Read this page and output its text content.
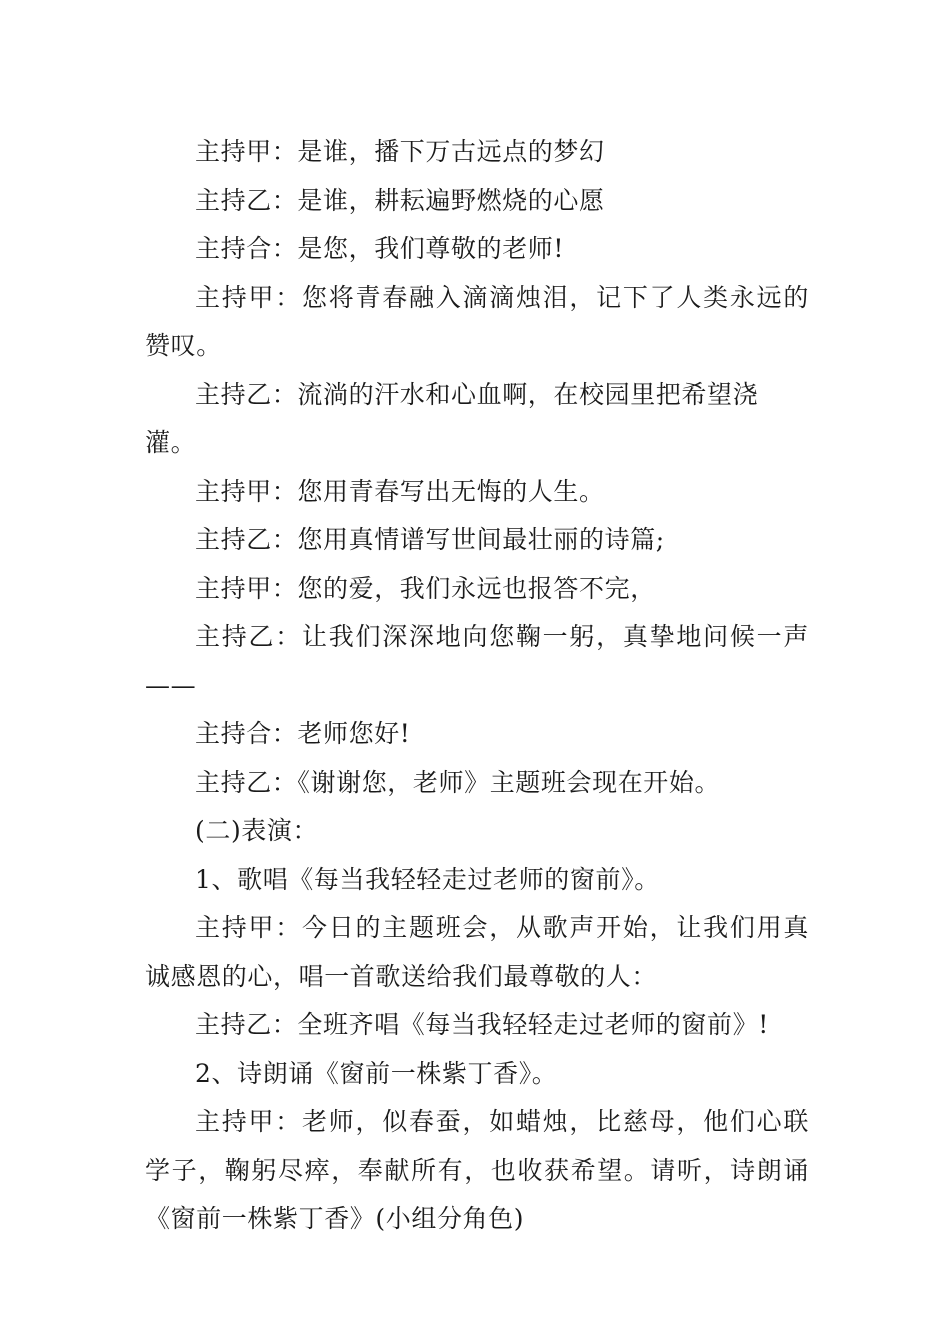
主持甲：是谁，播下万古远点的梦幻

主持乙：是谁，耕耘遍野燃烧的心愿

主持合：是您，我们尊敬的老师!

主持甲：您将青春融入滴滴烛泪，记下了人类永远的赞叹。

主持乙：流淌的汗水和心血啊，在校园里把希望浇灌。

主持甲：您用青春写出无悔的人生。

主持乙：您用真情谱写世间最壮丽的诗篇;

主持甲：您的爱，我们永远也报答不完，

主持乙：让我们深深地向您鞠一躬，真挚地问候一声——

主持合：老师您好!

主持乙：《谢谢您，老师》主题班会现在开始。

(二)表演：

1、歌唱《每当我轻轻走过老师的窗前》。

主持甲：今日的主题班会，从歌声开始，让我们用真诚感恩的心，唱一首歌送给我们最尊敬的人：

主持乙：全班齐唱《每当我轻轻走过老师的窗前》!

2、诗朗诵《窗前一株紫丁香》。

主持甲：老师，似春蚕，如蜡烛，比慈母，他们心联学子，鞠躬尽瘁，奉献所有，也收获希望。请听，诗朗诵《窗前一株紫丁香》(小组分角色)
